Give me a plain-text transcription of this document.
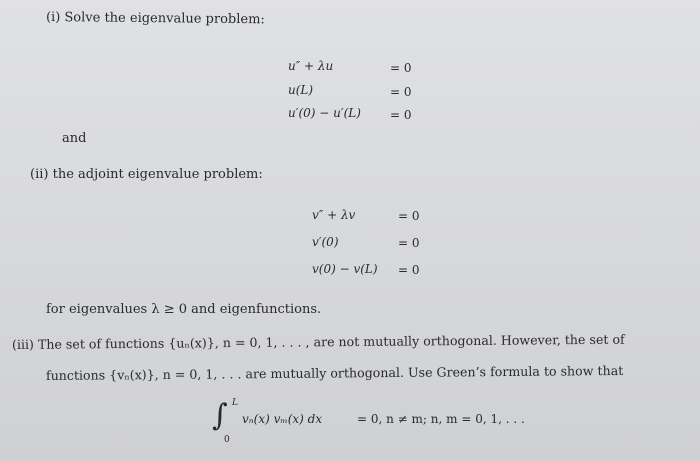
(i) Solve the eigenvalue problem:
u″ + λu	= 0
u(L)	= 0
u′(0) − u′(L) = 0
and
(ii) the adjoint eigenvalue problem:
v″ + λv	= 0
v′(0)	= 0
v(0) − v(L) = 0
for eigenvalues λ ≥ 0 and eigenfunctions.
(iii) The set of functions {uₙ(x)}, n = 0, 1, . . . , are not mutually orthogonal. However, the set of
functions {vₙ(x)}, n = 0, 1, . . . are mutually orthogonal. Use Green’s formula to show that
∫ L
0
vₙ(x) vₘ(x) dx	= 0, n ≠ m; n, m = 0, 1, . . .
